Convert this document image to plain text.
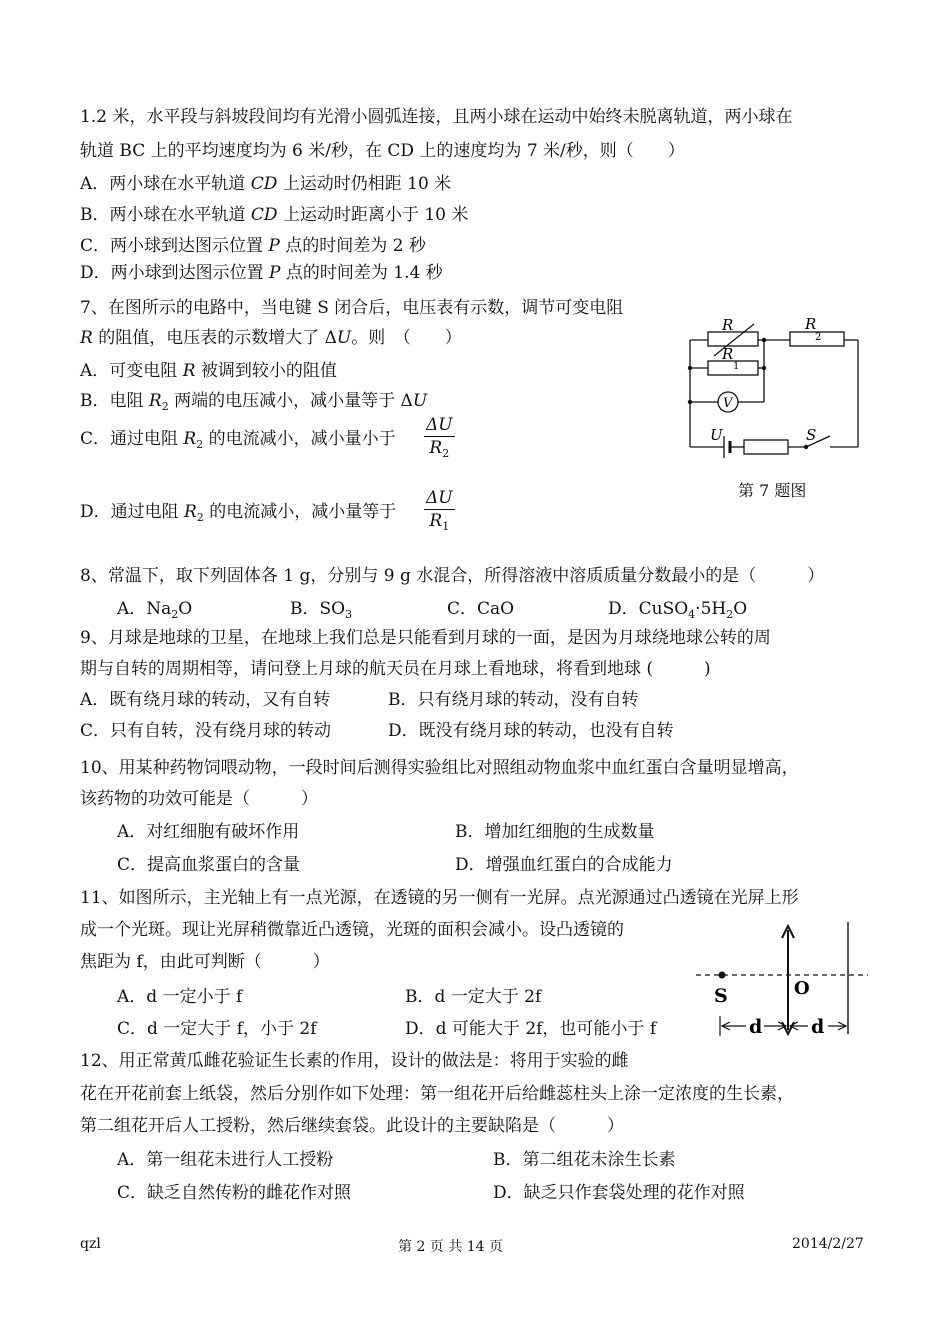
1.2 米，水平段与斜坡段间均有光滑小圆弧连接，且两小球在运动中始终未脱离轨道，两小球在
轨道 BC 上的平均速度均为 6 米/秒，在 CD 上的速度均为 7 米/秒，则（　　）
A．两小球在水平轨道 CD 上运动时仍相距 10 米
B．两小球在水平轨道 CD 上运动时距离小于 10 米
C．两小球到达图示位置 P 点的时间差为 2 秒
D．两小球到达图示位置 P 点的时间差为 1.4 秒
7、在图所示的电路中，当电键 S 闭合后，电压表有示数，调节可变电阻
R 的阻值，电压表的示数增大了 ΔU。则　（　　）
A．可变电阻 R 被调到较小的阻值
B．电阻 $R_2$ 两端的电压减小，减小量等于 ΔU
C．通过电阻 $R_2$ 的电流减小，减小量小于 $\frac{\Delta U}{R_2}$
D．通过电阻 $R_2$ 的电流减小，减小量等于 $\frac{\Delta U}{R_1}$
R
R
1
R
2
V
U	S
第 7 题图
8、常温下，取下列固体各 1 g，分别与 9 g 水混合，所得溶液中溶质质量分数最小的是（　　　）
A．$Na_2O$	B．$SO_3$	C．CaO	D．$CuSO_4\cdot 5H_2O$
9、月球是地球的卫星，在地球上我们总是只能看到月球的一面，是因为月球绕地球公转的周
期与自转的周期相等，请问登上月球的航天员在月球上看地球，将看到地球 (　　　)
A．既有绕月球的转动，又有自转	B．只有绕月球的转动，没有自转
C．只有自转，没有绕月球的转动	D．既没有绕月球的转动，也没有自转
10、用某种药物饲喂动物，一段时间后测得实验组比对照组动物血浆中血红蛋白含量明显增高，
该药物的功效可能是（　　　）
A．对红细胞有破坏作用	B．增加红细胞的生成数量
C．提高血浆蛋白的含量	D．增强血红蛋白的合成能力
11、如图所示，主光轴上有一点光源，在透镜的另一侧有一光屏。点光源通过凸透镜在光屏上形
成一个光斑。现让光屏稍微靠近凸透镜，光斑的面积会减小。设凸透镜的
焦距为 f，由此可判断（　　　）
A．d 一定小于 f	B．d 一定大于 2f
C．d 一定大于 f，小于 2f	D．d 可能大于 2f，也可能小于 f
S	O
d	d
12、用正常黄瓜雌花验证生长素的作用，设计的做法是：将用于实验的雌
花在开花前套上纸袋，然后分别作如下处理：第一组花开后给雌蕊柱头上涂一定浓度的生长素，
第二组花开后人工授粉，然后继续套袋。此设计的主要缺陷是（　　　）
A．第一组花未进行人工授粉	B．第二组花未涂生长素
C．缺乏自然传粉的雌花作对照	D．缺乏只作套袋处理的花作对照
qzl	第 2 页 共 14 页	2014/2/27
